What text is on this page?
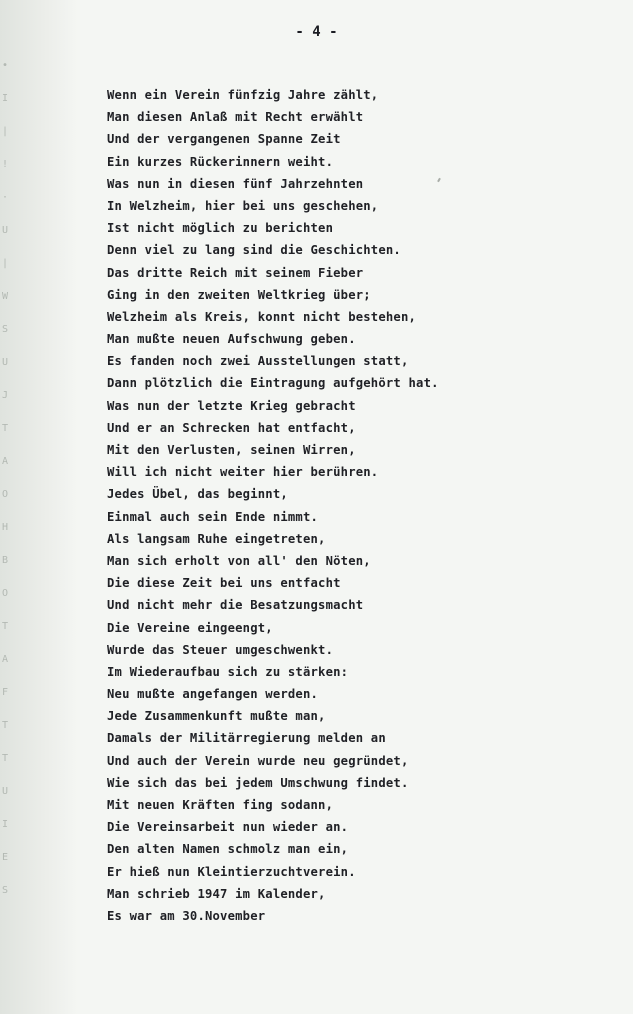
∙
I
|
!
·
U
|
W
S
U
J
T
A
O
H
B
O
T
A
F
T
T
U
I
E
S

- 4 -

Wenn ein Verein fünfzig Jahre zählt,
Man diesen Anlaß mit Recht erwählt
Und der vergangenen Spanne Zeit
Ein kurzes Rückerinnern weiht.
Was nun in diesen fünf Jahrzehnten
In Welzheim, hier bei uns geschehen,
Ist nicht möglich zu berichten
Denn viel zu lang sind die Geschichten.
Das dritte Reich mit seinem Fieber
Ging in den zweiten Weltkrieg über;
Welzheim als Kreis, konnt nicht bestehen,
Man mußte neuen Aufschwung geben.
Es fanden noch zwei Ausstellungen statt,
Dann plötzlich die Eintragung aufgehört hat.
Was nun der letzte Krieg gebracht
Und er an Schrecken hat entfacht,
Mit den Verlusten, seinen Wirren,
Will ich nicht weiter hier berühren.
Jedes Übel, das beginnt,
Einmal auch sein Ende nimmt.
Als langsam Ruhe eingetreten,
Man sich erholt von all' den Nöten,
Die diese Zeit bei uns entfacht
Und nicht mehr die Besatzungsmacht
Die Vereine eingeengt,
Wurde das Steuer umgeschwenkt.
Im Wiederaufbau sich zu stärken:
Neu mußte angefangen werden.
Jede Zusammenkunft mußte man,
Damals der Militärregierung melden an
Und auch der Verein wurde neu gegründet,
Wie sich das bei jedem Umschwung findet.
Mit neuen Kräften fing sodann,
Die Vereinsarbeit nun wieder an.
Den alten Namen schmolz man ein,
Er hieß nun Kleintierzuchtverein.
Man schrieb 1947 im Kalender,
Es war am 30.November
